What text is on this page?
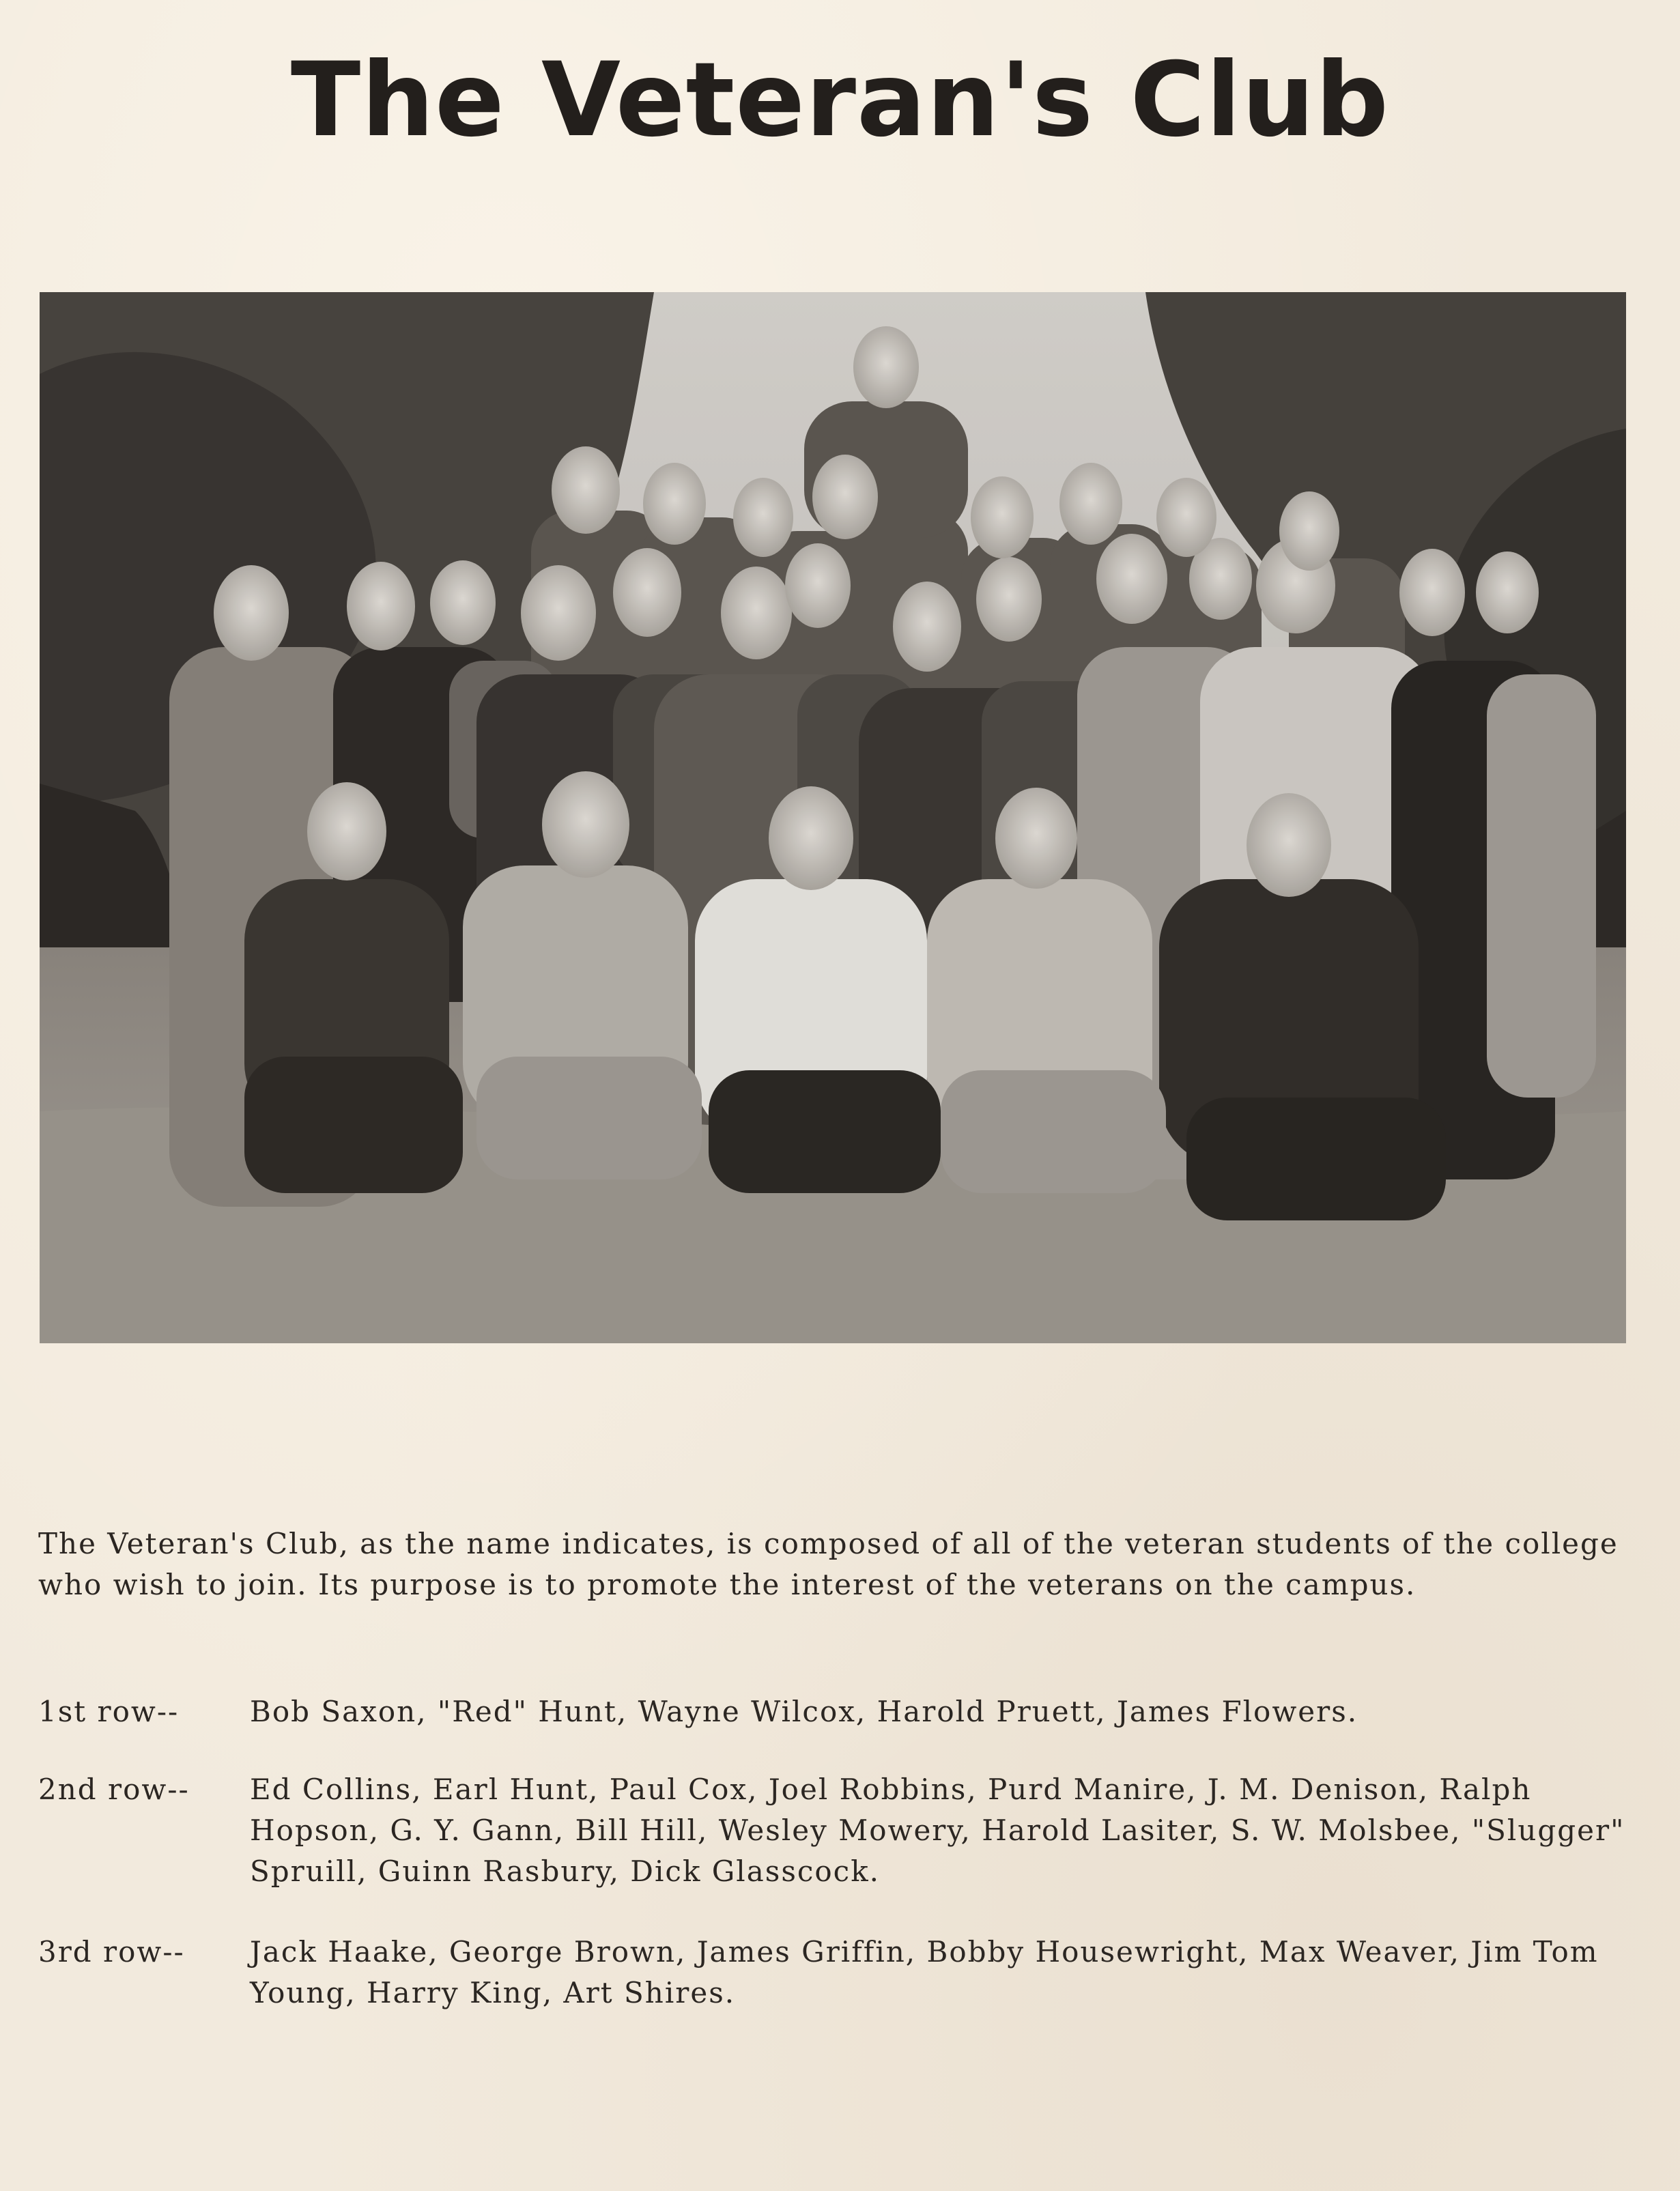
The Veteran's Club

The Veteran's Club, as the name indicates, is composed of all of the veteran students of the college who wish to join. Its purpose is to promote the interest of the veterans on the campus.

1st row--	Bob Saxon, "Red" Hunt, Wayne Wilcox, Harold Pruett, James Flowers.
2nd row--	Ed Collins, Earl Hunt, Paul Cox, Joel Robbins, Purd Manire, J. M. Denison, Ralph Hopson, G. Y. Gann, Bill Hill, Wesley Mowery, Harold Lasiter, S. W. Molsbee, "Slugger" Spruill, Guinn Rasbury, Dick Glasscock.
3rd row--	Jack Haake, George Brown, James Griffin, Bobby Housewright, Max Weaver, Jim Tom Young, Harry King, Art Shires.
